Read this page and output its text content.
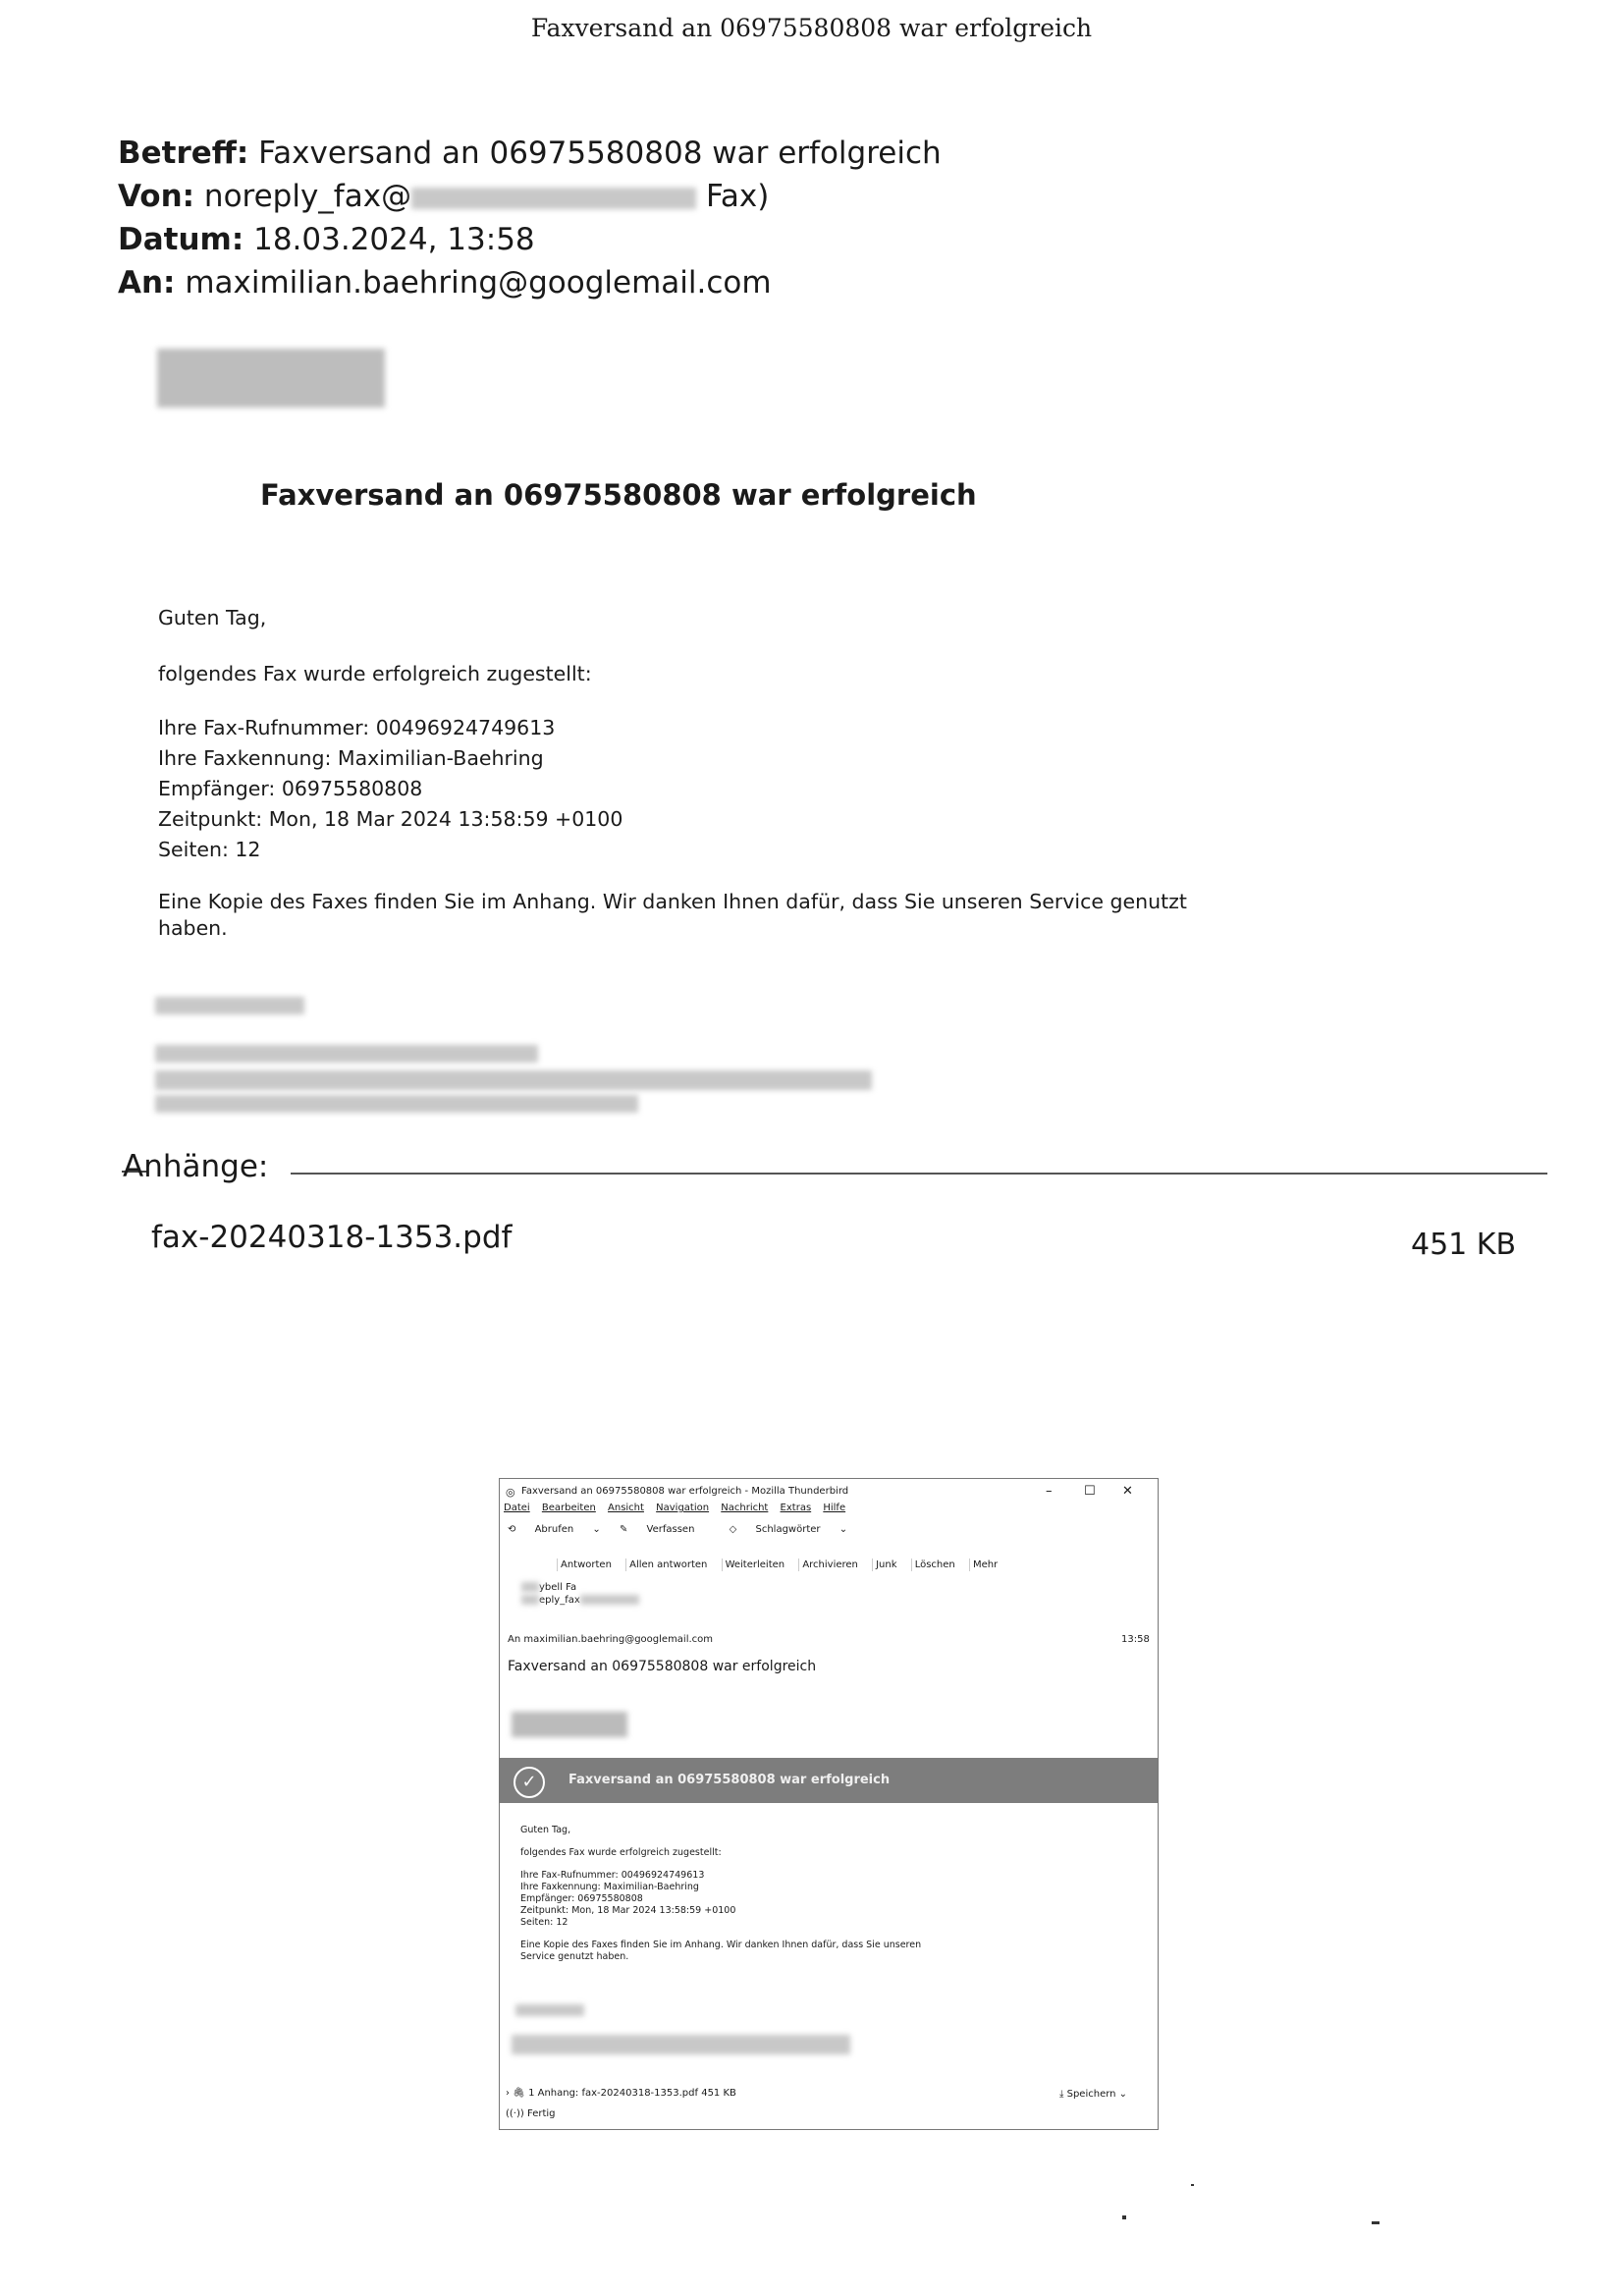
Faxversand an 06975580808 war erfolgreich
Betreff: Faxversand an 06975580808 war erfolgreich
Von: noreply_fax@	Fax)
Datum: 18.03.2024, 13:58
An: maximilian.baehring@googlemail.com
Faxversand an 06975580808 war erfolgreich
Guten Tag,
folgendes Fax wurde erfolgreich zugestellt:
Ihre Fax-Rufnummer: 00496924749613
Ihre Faxkennung: Maximilian-Baehring
Empfänger: 06975580808
Zeitpunkt: Mon, 18 Mar 2024 13:58:59 +0100
Seiten: 12
Eine Kopie des Faxes finden Sie im Anhang. Wir danken Ihnen dafür, dass Sie unseren Service genutzt
haben.
Anhänge:
fax-20240318-1353.pdf	451 KB
◎ Faxversand an 06975580808 war erfolgreich - Mozilla Thunderbird	–	☐ ✕
Datei Bearbeiten Ansicht Navigation Nachricht Extras Hilfe
⟲ Abrufen ⌄ ✎ Verfassen	◇ Schlagwörter ⌄
Antworten Allen antworten Weiterleiten Archivieren Junk Löschen Mehr
ybell Fa
eply_fax
An maximilian.baehring@googlemail.com	13:58
Faxversand an 06975580808 war erfolgreich
✓	Faxversand an 06975580808 war erfolgreich
Guten Tag,
folgendes Fax wurde erfolgreich zugestellt:
Ihre Fax-Rufnummer: 00496924749613
Ihre Faxkennung: Maximilian-Baehring
Empfänger: 06975580808
Zeitpunkt: Mon, 18 Mar 2024 13:58:59 +0100
Seiten: 12
Eine Kopie des Faxes finden Sie im Anhang. Wir danken Ihnen dafür, dass Sie unseren
Service genutzt haben.
› 🖇 1 Anhang: fax-20240318-1353.pdf 451 KB	⤓ Speichern ⌄
((·)) Fertig
